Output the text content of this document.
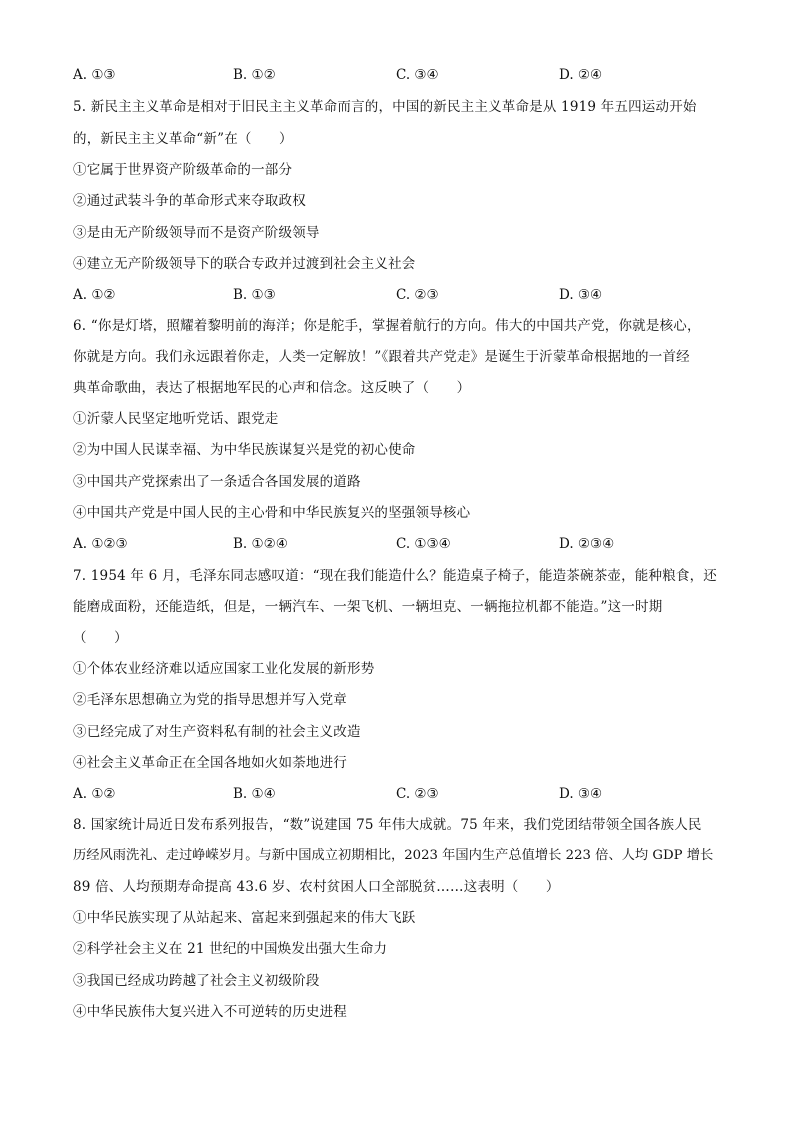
A. ①③	B. ①②	C. ③④	D. ②④
5. 新民主主义革命是相对于旧民主主义革命而言的，中国的新民主主义革命是从 1919 年五四运动开始
的，新民主主义革命“新”在（　　）
①它属于世界资产阶级革命的一部分
②通过武装斗争的革命形式来夺取政权
③是由无产阶级领导而不是资产阶级领导
④建立无产阶级领导下的联合专政并过渡到社会主义社会
A. ①②	B. ①③	C. ②③	D. ③④
6. “你是灯塔，照耀着黎明前的海洋；你是舵手，掌握着航行的方向。伟大的中国共产党，你就是核心，
你就是方向。我们永远跟着你走，人类一定解放！”《跟着共产党走》是诞生于沂蒙革命根据地的一首经
典革命歌曲，表达了根据地军民的心声和信念。这反映了（　　）
①沂蒙人民坚定地听党话、跟党走
②为中国人民谋幸福、为中华民族谋复兴是党的初心使命
③中国共产党探索出了一条适合各国发展的道路
④中国共产党是中国人民的主心骨和中华民族复兴的坚强领导核心
A. ①②③	B. ①②④	C. ①③④	D. ②③④
7. 1954 年 6 月，毛泽东同志感叹道：“现在我们能造什么？能造桌子椅子，能造茶碗茶壶，能种粮食，还
能磨成面粉，还能造纸，但是，一辆汽车、一架飞机、一辆坦克、一辆拖拉机都不能造。”这一时期
（　　）
①个体农业经济难以适应国家工业化发展的新形势
②毛泽东思想确立为党的指导思想并写入党章
③已经完成了对生产资料私有制的社会主义改造
④社会主义革命正在全国各地如火如荼地进行
A. ①②	B. ①④	C. ②③	D. ③④
8. 国家统计局近日发布系列报告，“数”说建国 75 年伟大成就。75 年来，我们党团结带领全国各族人民
历经风雨洗礼、走过峥嵘岁月。与新中国成立初期相比，2023 年国内生产总值增长 223 倍、人均 GDP 增长
89 倍、人均预期寿命提高 43.6 岁、农村贫困人口全部脱贫……这表明（　　）
①中华民族实现了从站起来、富起来到强起来的伟大飞跃
②科学社会主义在 21 世纪的中国焕发出强大生命力
③我国已经成功跨越了社会主义初级阶段
④中华民族伟大复兴进入不可逆转的历史进程
